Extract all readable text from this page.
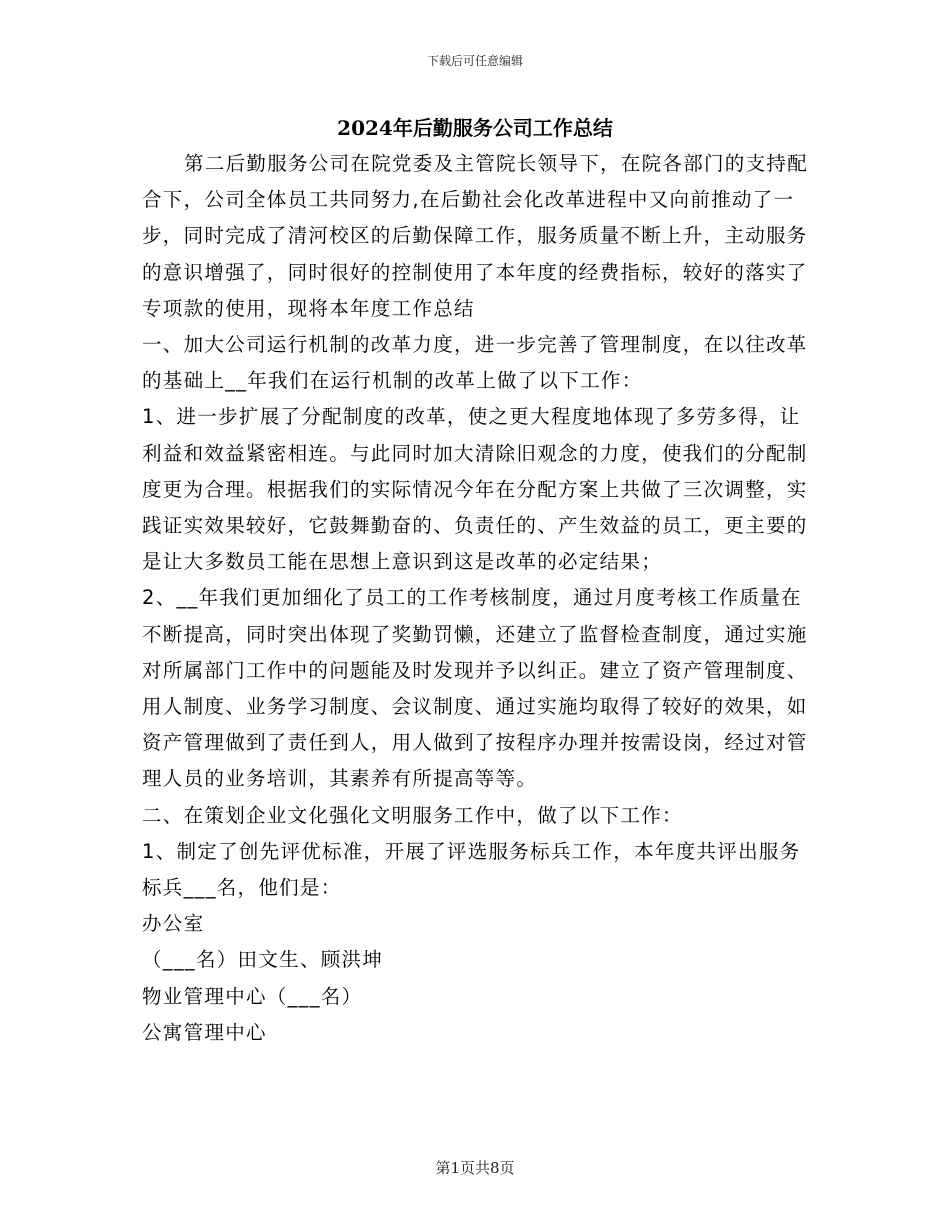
下载后可任意编辑
2024年后勤服务公司工作总结

第二后勤服务公司在院党委及主管院长领导下，在院各部门的支持配合下，公司全体员工共同努力,在后勤社会化改革进程中又向前推动了一步，同时完成了清河校区的后勤保障工作，服务质量不断上升，主动服务的意识增强了，同时很好的控制使用了本年度的经费指标，较好的落实了专项款的使用，现将本年度工作总结

一、加大公司运行机制的改革力度，进一步完善了管理制度，在以往改革的基础上__年我们在运行机制的改革上做了以下工作：

1、进一步扩展了分配制度的改革，使之更大程度地体现了多劳多得，让利益和效益紧密相连。与此同时加大清除旧观念的力度，使我们的分配制度更为合理。根据我们的实际情况今年在分配方案上共做了三次调整，实践证实效果较好，它鼓舞勤奋的、负责任的、产生效益的员工，更主要的是让大多数员工能在思想上意识到这是改革的必定结果；

2、__年我们更加细化了员工的工作考核制度，通过月度考核工作质量在不断提高，同时突出体现了奖勤罚懒，还建立了监督检查制度，通过实施对所属部门工作中的问题能及时发现并予以纠正。建立了资产管理制度、用人制度、业务学习制度、会议制度、通过实施均取得了较好的效果，如资产管理做到了责任到人，用人做到了按程序办理并按需设岗，经过对管理人员的业务培训，其素养有所提高等等。

二、在策划企业文化强化文明服务工作中，做了以下工作：

1、制定了创先评优标准，开展了评选服务标兵工作，本年度共评出服务标兵___名，他们是：

办公室

（___名）田文生、顾洪坤

物业管理中心（___名）

公寓管理中心

第1页共8页
